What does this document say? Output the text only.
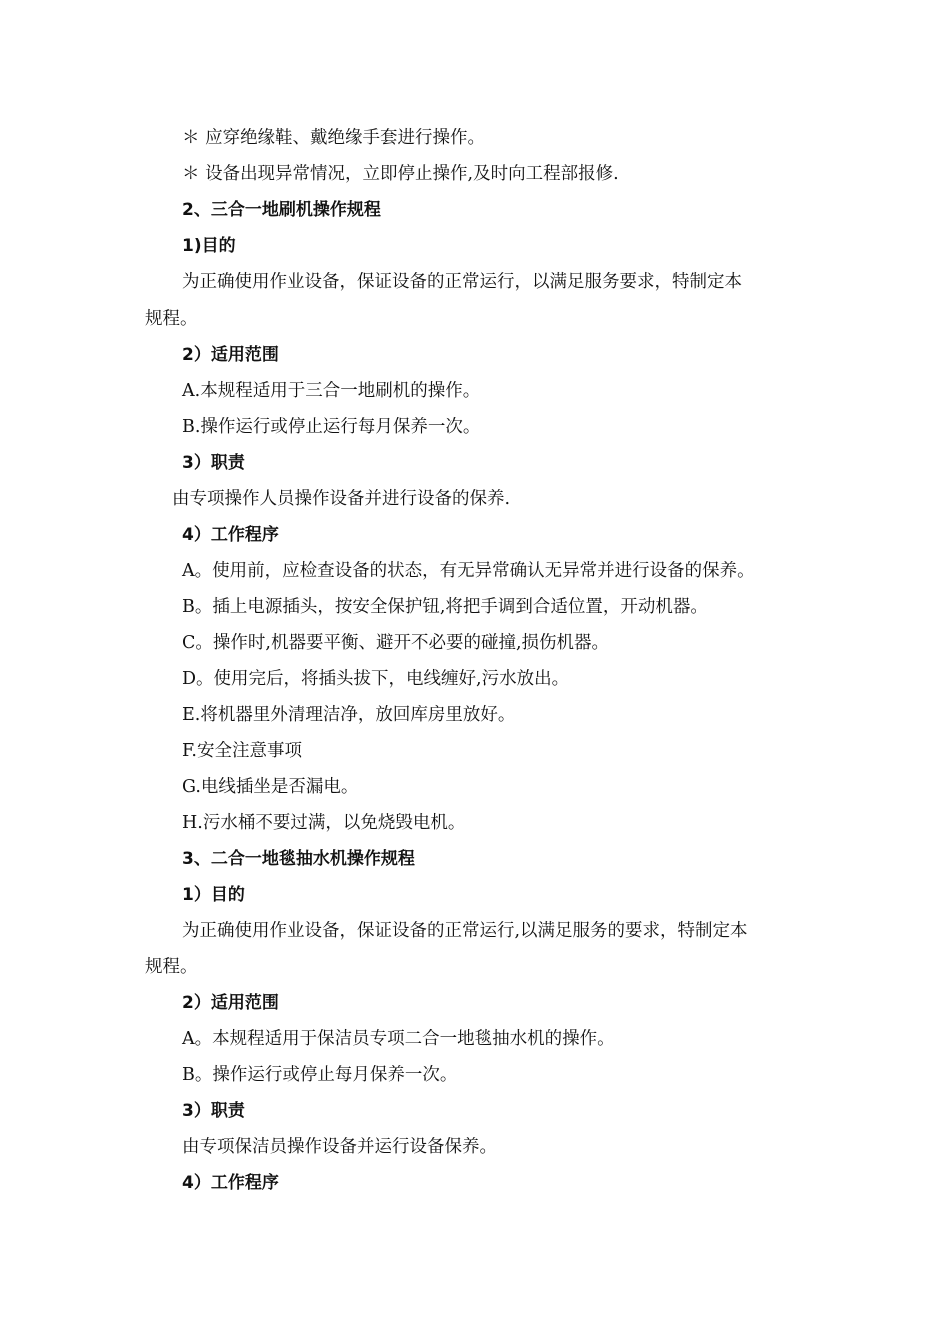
＊ 应穿绝缘鞋、戴绝缘手套进行操作。
＊ 设备出现异常情况，立即停止操作,及时向工程部报修.
2、三合一地刷机操作规程
1)目的
为正确使用作业设备，保证设备的正常运行，以满足服务要求，特制定本
规程。
2）适用范围
A.本规程适用于三合一地刷机的操作。
B.操作运行或停止运行每月保养一次。
3）职责
由专项操作人员操作设备并进行设备的保养.
4）工作程序
A。使用前，应检查设备的状态，有无异常确认无异常并进行设备的保养。
B。插上电源插头，按安全保护钮,将把手调到合适位置，开动机器。
C。操作时,机器要平衡、避开不必要的碰撞,损伤机器。
D。使用完后，将插头拔下，电线缠好,污水放出。
E.将机器里外清理洁净，放回库房里放好。
F.安全注意事项
G.电线插坐是否漏电。
H.污水桶不要过满，以免烧毁电机。
3、二合一地毯抽水机操作规程
1）目的
为正确使用作业设备，保证设备的正常运行,以满足服务的要求，特制定本
规程。
2）适用范围
A。本规程适用于保洁员专项二合一地毯抽水机的操作。
B。操作运行或停止每月保养一次。
3）职责
由专项保洁员操作设备并运行设备保养。
4）工作程序
